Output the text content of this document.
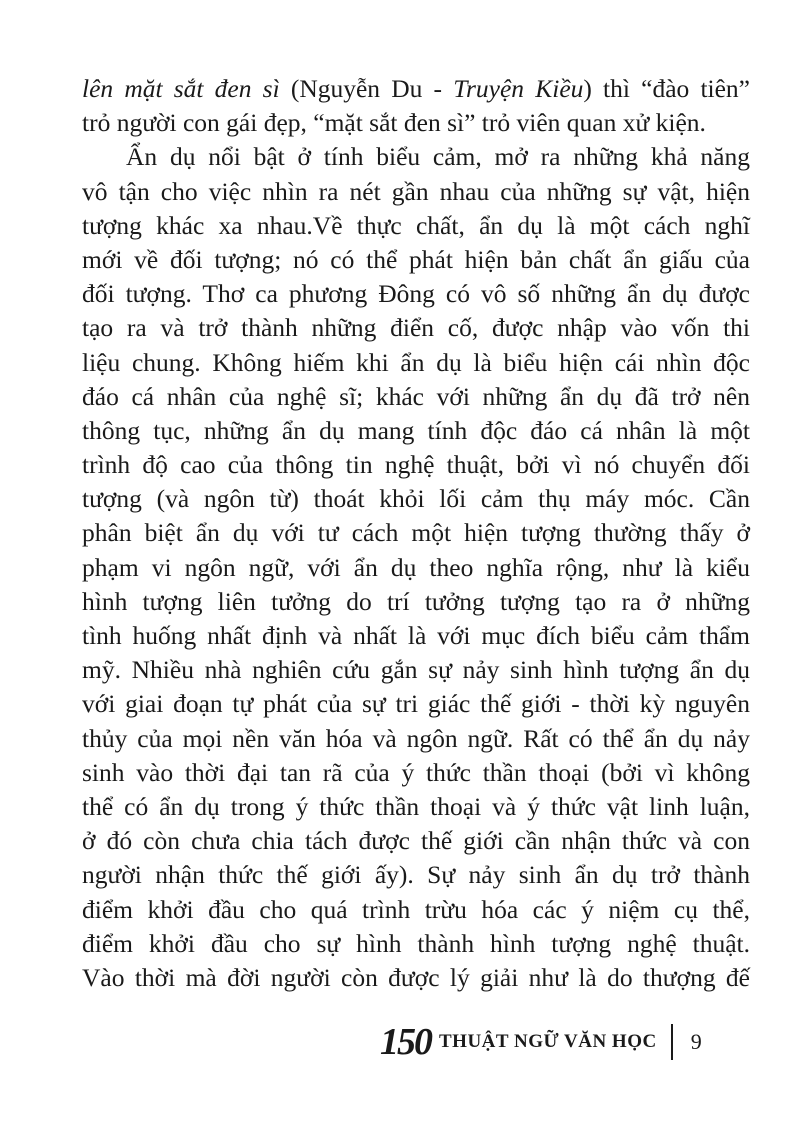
lên mặt sắt đen sì (Nguyễn Du - Truyện Kiều) thì “đào tiên”
trỏ người con gái đẹp, “mặt sắt đen sì” trỏ viên quan xử kiện.
Ẩn dụ nổi bật ở tính biểu cảm, mở ra những khả năng
vô tận cho việc nhìn ra nét gần nhau của những sự vật, hiện
tượng khác xa nhau.Về thực chất, ẩn dụ là một cách nghĩ
mới về đối tượng; nó có thể phát hiện bản chất ẩn giấu của
đối tượng. Thơ ca phương Đông có vô số những ẩn dụ được
tạo ra và trở thành những điển cố, được nhập vào vốn thi
liệu chung. Không hiếm khi ẩn dụ là biểu hiện cái nhìn độc
đáo cá nhân của nghệ sĩ; khác với những ẩn dụ đã trở nên
thông tục, những ẩn dụ mang tính độc đáo cá nhân là một
trình độ cao của thông tin nghệ thuật, bởi vì nó chuyển đối
tượng (và ngôn từ) thoát khỏi lối cảm thụ máy móc. Cần
phân biệt ẩn dụ với tư cách một hiện tượng thường thấy ở
phạm vi ngôn ngữ, với ẩn dụ theo nghĩa rộng, như là kiểu
hình tượng liên tưởng do trí tưởng tượng tạo ra ở những
tình huống nhất định và nhất là với mục đích biểu cảm thẩm
mỹ. Nhiều nhà nghiên cứu gắn sự nảy sinh hình tượng ẩn dụ
với giai đoạn tự phát của sự tri giác thế giới - thời kỳ nguyên
thủy của mọi nền văn hóa và ngôn ngữ. Rất có thể ẩn dụ nảy
sinh vào thời đại tan rã của ý thức thần thoại (bởi vì không
thể có ẩn dụ trong ý thức thần thoại và ý thức vật linh luận,
ở đó còn chưa chia tách được thế giới cần nhận thức và con
người nhận thức thế giới ấy). Sự nảy sinh ẩn dụ trở thành
điểm khởi đầu cho quá trình trừu hóa các ý niệm cụ thể,
điểm khởi đầu cho sự hình thành hình tượng nghệ thuật.
Vào thời mà đời người còn được lý giải như là do thượng đế
150 THUẬT NGỮ VĂN HỌC 9
